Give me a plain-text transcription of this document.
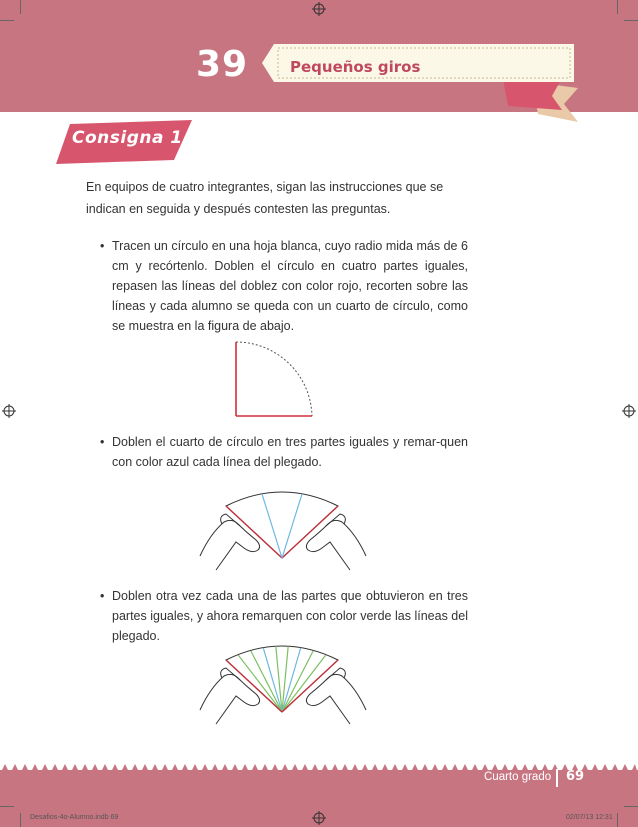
39	Pequeños giros
Consigna 1
En equipos de cuatro integrantes, sigan las instrucciones que se indican en seguida y después contesten las preguntas.
• Tracen un círculo en una hoja blanca, cuyo radio mida más de 6 cm y recórtenlo. Doblen el círculo en cuatro partes iguales, repasen las líneas del doblez con color rojo, recorten sobre las líneas y cada alumno se queda con un cuarto de círculo, como se muestra en la figura de abajo.
• Doblen el cuarto de círculo en tres partes iguales y remar-quen con color azul cada línea del plegado.
• Doblen otra vez cada una de las partes que obtuvieron en tres partes iguales, y ahora remarquen con color verde las líneas del plegado.
Cuarto grado 69
Desafios-4o-Alumno.indb 69	02/07/13 12:31
